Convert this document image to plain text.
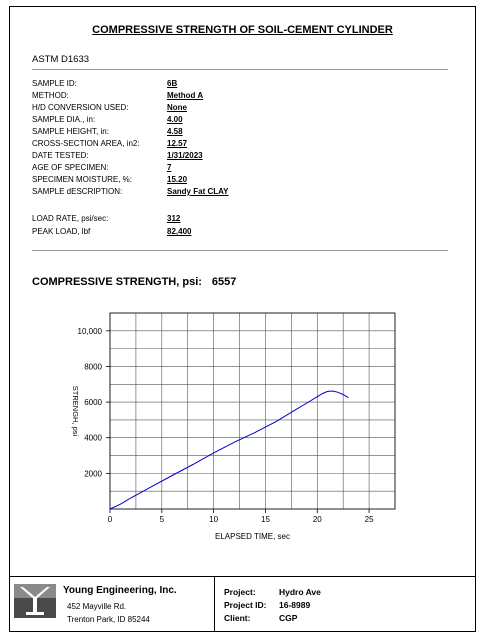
COMPRESSIVE STRENGTH OF SOIL-CEMENT CYLINDER
ASTM D1633
SAMPLE ID:	6B
METHOD:	Method A
H/D CONVERSION USED:	None
SAMPLE DIA., in:	4.00
SAMPLE HEIGHT, in:	4.58
CROSS-SECTION AREA, in2:	12.57
DATE TESTED:	1/31/2023
AGE OF SPECIMEN:	7
SPECIMEN MOISTURE, %:	15.20
SAMPLE dESCRIPTION:	Sandy Fat CLAY
LOAD RATE, psi/sec:	312
PEAK LOAD, lbf	82,400
COMPRESSIVE STRENGTH, psi: 6557
0	5	10	15	20	25
2000
4000
6000
8000
10,000
ELAPSED TIME, sec
STRENGH, psi
Young Engineering, Inc.
452 Mayville Rd.
Trenton Park, ID 85244
Project:	Hydro Ave
Project ID: 16-8989
Client:	CGP
